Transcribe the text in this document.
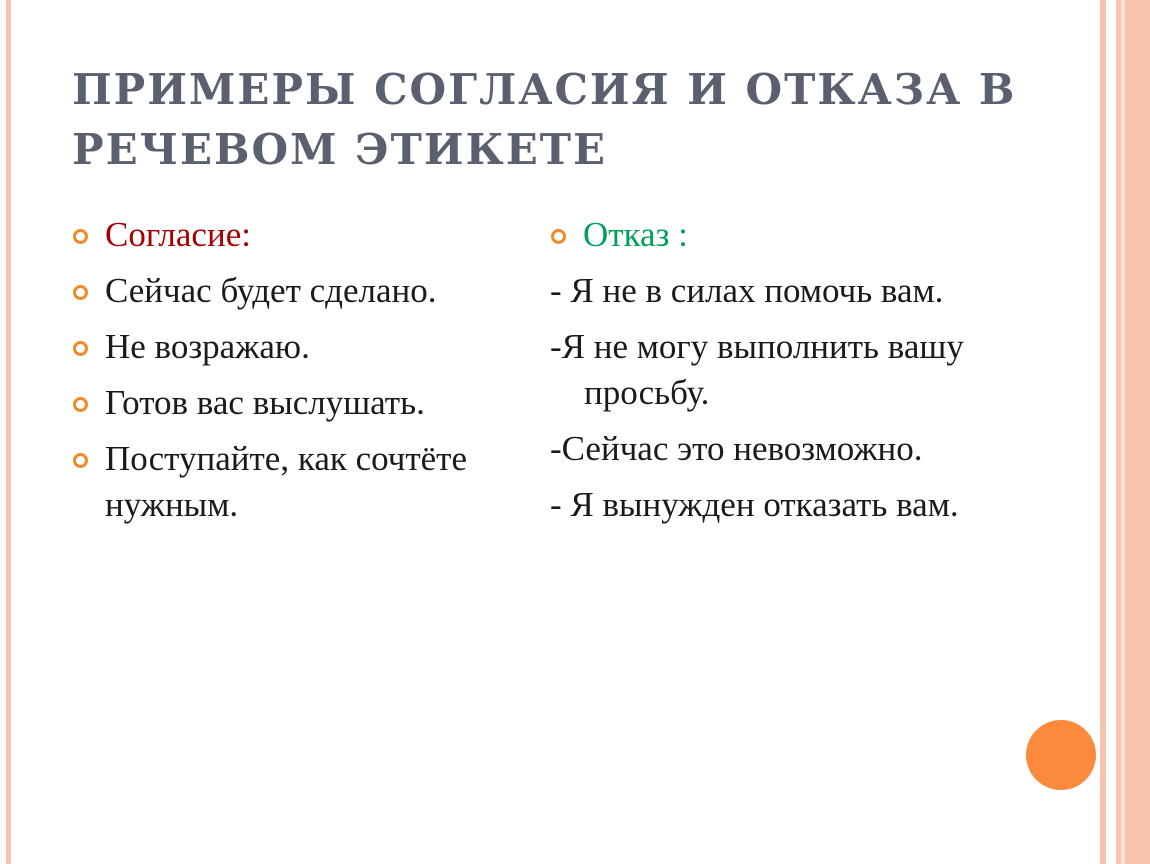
ПРИМЕРЫ СОГЛАСИЯ И ОТКАЗА В РЕЧЕВОМ ЭТИКЕТЕ
Согласие:
Сейчас будет сделано.
Не возражаю.
Готов вас выслушать.
Поступайте, как сочтёте нужным.
Отказ :
- Я не в силах помочь вам.
-Я не могу выполнить вашу просьбу.
-Сейчас это невозможно.
- Я вынужден отказать вам.
